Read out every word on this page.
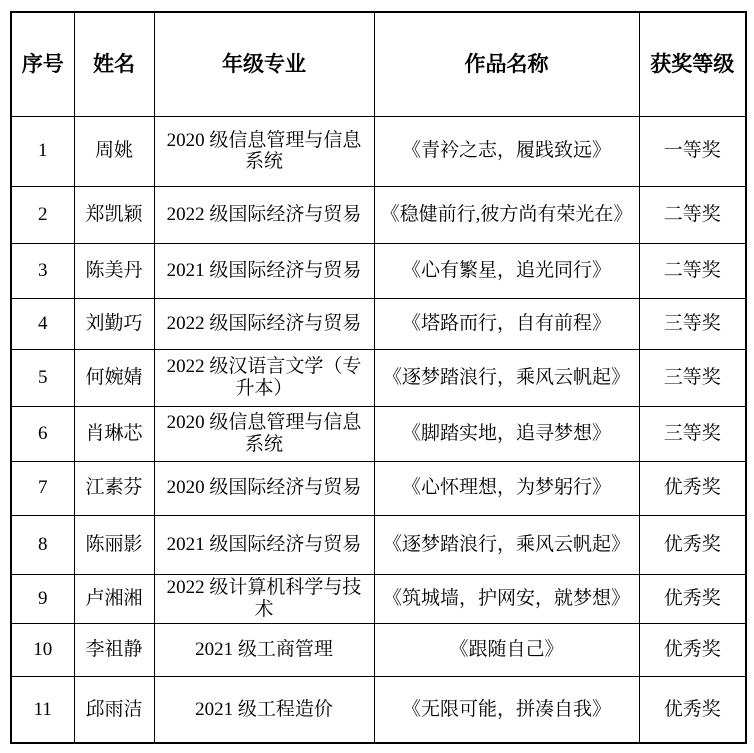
序号	姓名	年级专业	作品名称	获奖等级
1	周姚	2020 级信息管理与信息系统	《青衿之志，履践致远》	一等奖
2	郑凯颖	2022 级国际经济与贸易	《稳健前行,彼方尚有荣光在》	二等奖
3	陈美丹	2021 级国际经济与贸易	《心有繁星，追光同行》	二等奖
4	刘勤巧	2022 级国际经济与贸易	《塔路而行，自有前程》	三等奖
5	何婉婧	2022 级汉语言文学（专升本）	《逐梦踏浪行，乘风云帆起》	三等奖
6	肖琳芯	2020 级信息管理与信息系统	《脚踏实地，追寻梦想》	三等奖
7	江素芬	2020 级国际经济与贸易	《心怀理想，为梦躬行》	优秀奖
8	陈丽影	2021 级国际经济与贸易	《逐梦踏浪行，乘风云帆起》	优秀奖
9	卢湘湘	2022 级计算机科学与技术	《筑城墙，护网安，就梦想》	优秀奖
10	李祖静	2021 级工商管理	《跟随自己》	优秀奖
11	邱雨洁	2021 级工程造价	《无限可能，拼凑自我》	优秀奖
